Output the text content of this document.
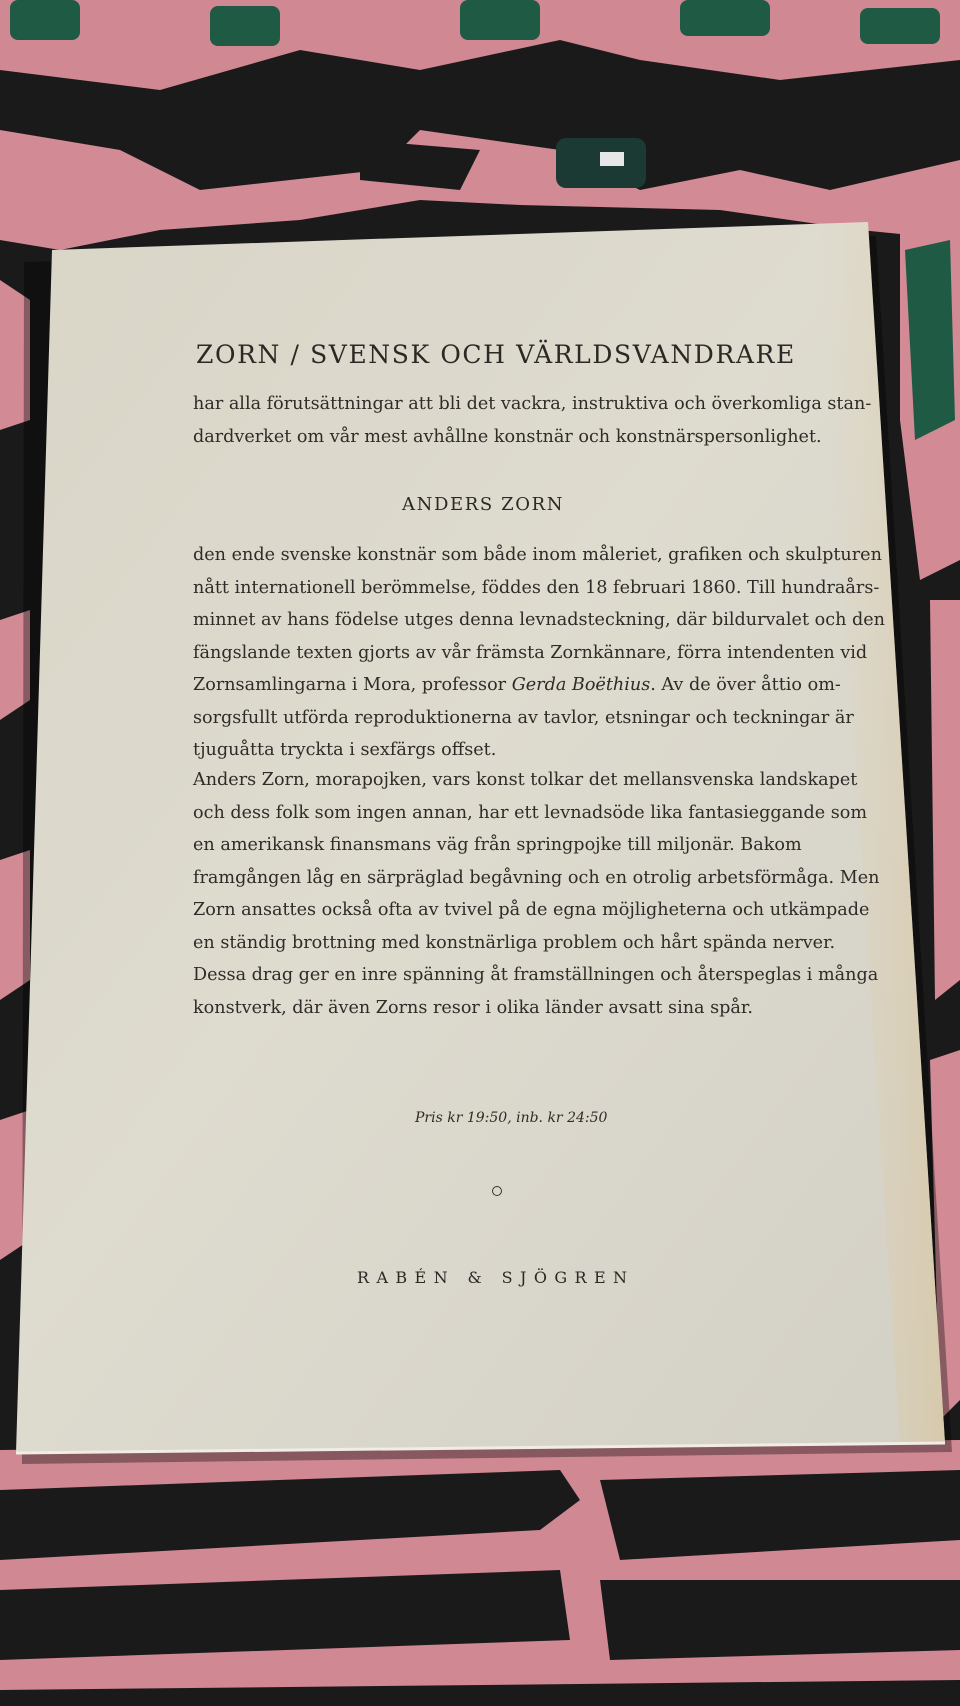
ZORN / SVENSK OCH VÄRLDSVANDRARE
har alla förutsättningar att bli det vackra, instruktiva och överkomliga stan-
dardverket om vår mest avhållne konstnär och konstnärspersonlighet.
ANDERS ZORN
den ende svenske konstnär som både inom måleriet, grafiken och skulpturen
nått internationell berömmelse, föddes den 18 februari 1860. Till hundraårs-
minnet av hans födelse utges denna levnadsteckning, där bildurvalet och den
fängslande texten gjorts av vår främsta Zornkännare, förra intendenten vid
Zornsamlingarna i Mora, professor Gerda Boëthius. Av de över åttio om-
sorgsfullt utförda reproduktionerna av tavlor, etsningar och teckningar är
tjuguåtta tryckta i sexfärgs offset.
Anders Zorn, morapojken, vars konst tolkar det mellansvenska landskapet
och dess folk som ingen annan, har ett levnadsöde lika fantasieggande som
en amerikansk finansmans väg från springpojke till miljonär. Bakom
framgången låg en särpräglad begåvning och en otrolig arbetsförmåga. Men
Zorn ansattes också ofta av tvivel på de egna möjligheterna och utkämpade
en ständig brottning med konstnärliga problem och hårt spända nerver.
Dessa drag ger en inre spänning åt framställningen och återspeglas i många
konstverk, där även Zorns resor i olika länder avsatt sina spår.
Pris kr 19:50, inb. kr 24:50
RABÉN & SJÖGREN
